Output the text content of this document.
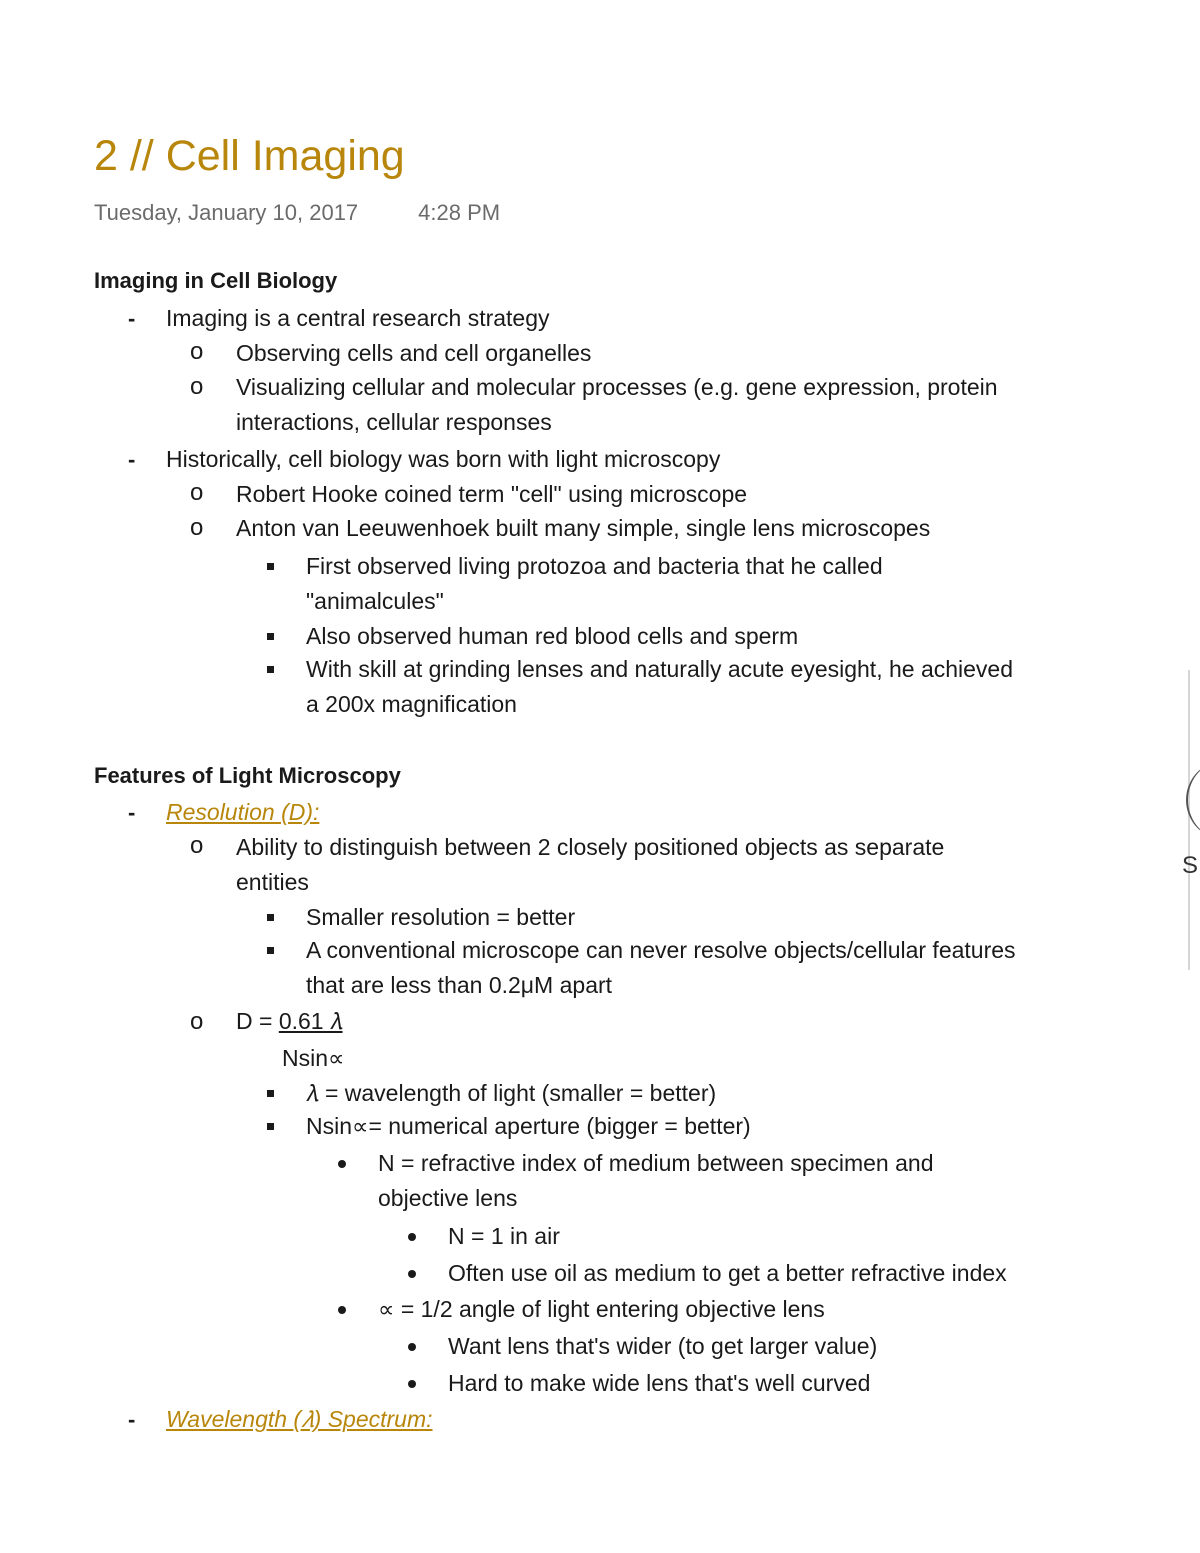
2 // Cell Imaging
Tuesday, January 10, 2017	4:28 PM
Imaging in Cell Biology
- Imaging is a central research strategy
o Observing cells and cell organelles
o Visualizing cellular and molecular processes (e.g. gene expression, protein
interactions, cellular responses
- Historically, cell biology was born with light microscopy
o Robert Hooke coined term "cell" using microscope
o Anton van Leeuwenhoek built many simple, single lens microscopes
First observed living protozoa and bacteria that he called
"animalcules"
Also observed human red blood cells and sperm
With skill at grinding lenses and naturally acute eyesight, he achieved
a 200x magnification
Features of Light Microscopy
- Resolution (D):
o Ability to distinguish between 2 closely positioned objects as separate
entities
Smaller resolution = better
A conventional microscope can never resolve objects/cellular features
that are less than 0.2μM apart
o D = 0.61 𝜆
Nsin∝
𝜆 = wavelength of light (smaller = better)
Nsin∝= numerical aperture (bigger = better)
N = refractive index of medium between specimen and
objective lens
N = 1 in air
Often use oil as medium to get a better refractive index
∝ = 1/2 angle of light entering objective lens
Want lens that's wider (to get larger value)
Hard to make wide lens that's well curved
- Wavelength (𝜆) Spectrum:
S
